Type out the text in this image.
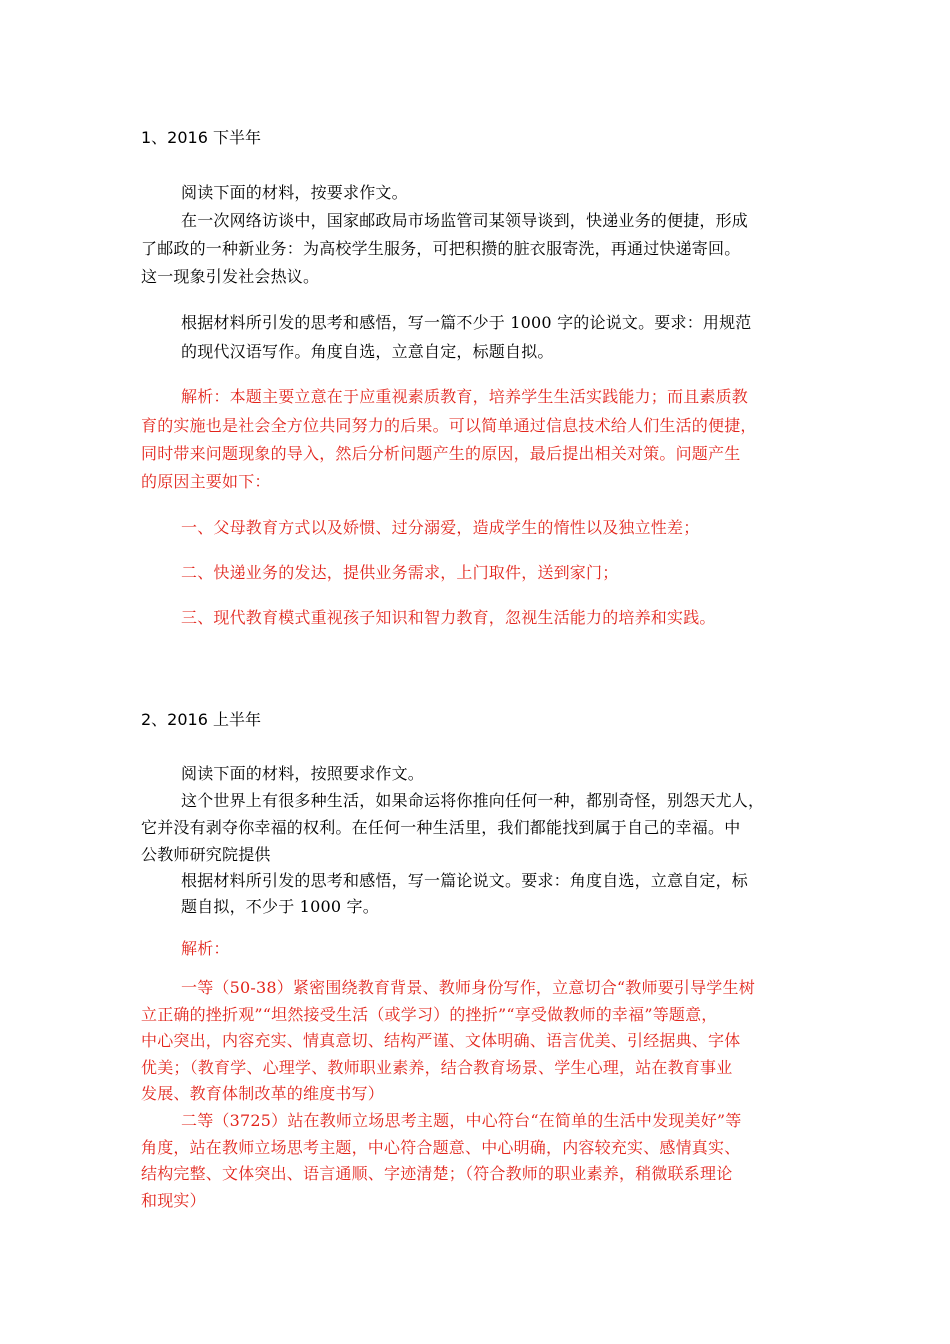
1、2016 下半年
阅读下面的材料，按要求作文。
在一次网络访谈中，国家邮政局市场监管司某领导谈到，快递业务的便捷，形成
了邮政的一种新业务：为高校学生服务，可把积攒的脏衣服寄洗，再通过快递寄回。
这一现象引发社会热议。
根据材料所引发的思考和感悟，写一篇不少于 1000 字的论说文。要求：用规范
的现代汉语写作。角度自选，立意自定，标题自拟。
解析：本题主要立意在于应重视素质教育，培养学生生活实践能力；而且素质教
育的实施也是社会全方位共同努力的后果。可以简单通过信息技术给人们生活的便捷，
同时带来问题现象的导入，然后分析问题产生的原因，最后提出相关对策。问题产生
的原因主要如下：
一、父母教育方式以及娇惯、过分溺爱，造成学生的惰性以及独立性差；
二、快递业务的发达，提供业务需求，上门取件，送到家门；
三、现代教育模式重视孩子知识和智力教育，忽视生活能力的培养和实践。
2、2016 上半年
阅读下面的材料，按照要求作文。
这个世界上有很多种生活，如果命运将你推向任何一种，都别奇怪，别怨天尤人，
它并没有剥夺你幸福的权利。在任何一种生活里，我们都能找到属于自己的幸福。中
公教师研究院提供
根据材料所引发的思考和感悟，写一篇论说文。要求：角度自选，立意自定，标
题自拟，不少于 1000 字。
解析：
一等（50-38）紧密围绕教育背景、教师身份写作，立意切合“教师要引导学生树
立正确的挫折观”“坦然接受生活（或学习）的挫折”“享受做教师的幸福”等题意，
中心突出，内容充实、情真意切、结构严谨、文体明确、语言优美、引经据典、字体
优美；（教育学、心理学、教师职业素养，结合教育场景、学生心理，站在教育事业
发展、教育体制改革的维度书写）
二等（3725）站在教师立场思考主题，中心符台“在简单的生活中发现美好”等
角度，站在教师立场思考主题，中心符合题意、中心明确，内容较充实、感情真实、
结构完整、文体突出、语言通顺、字迹清楚；（符合教师的职业素养，稍微联系理论
和现实）
